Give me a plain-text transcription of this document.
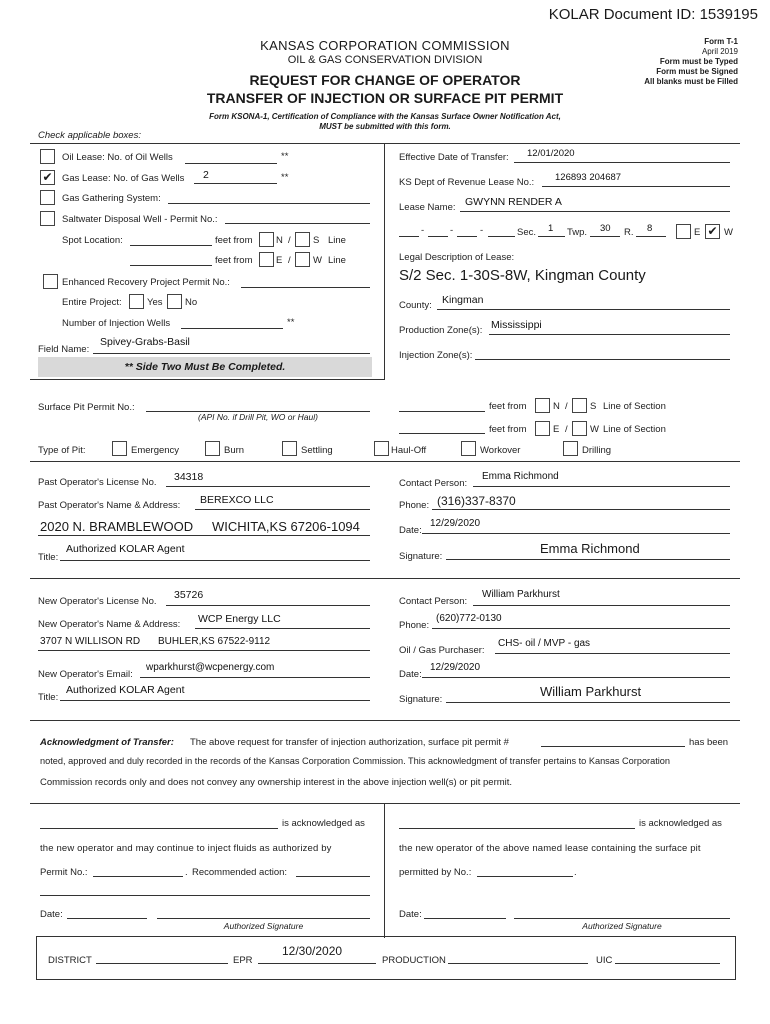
KOLAR Document ID: 1539195
KANSAS CORPORATION COMMISSION
OIL & GAS CONSERVATION DIVISION
REQUEST FOR CHANGE OF OPERATOR
TRANSFER OF INJECTION OR SURFACE PIT PERMIT
Form T-1
April 2019
Form must be Typed
Form must be Signed
All blanks must be Filled
Form KSONA-1, Certification of Compliance with the Kansas Surface Owner Notification Act,
MUST be submitted with this form.
Check applicable boxes:
Oil Lease: No. of Oil Wells	**
✔ Gas Lease: No. of Gas Wells 2	**
Gas Gathering System:
Saltwater Disposal Well - Permit No.:
Spot Location:	feet from N / S Line
feet from E / W Line
Enhanced Recovery Project Permit No.:
Entire Project:	Yes No
Number of Injection Wells	**
Field Name:
Spivey-Grabs-Basil
** Side Two Must Be Completed.
Effective Date of Transfer: 12/01/2020
KS Dept of Revenue Lease No.: 126893 204687
Lease Name: GWYNN RENDER A
-	-	-	Sec. 1 Twp. 30 R. 8	E ✔ W
Legal Description of Lease:
S/2 Sec. 1-30S-8W, Kingman County
County: Kingman
Production Zone(s): Mississippi
Injection Zone(s):
Surface Pit Permit No.:
(API No. if Drill Pit, WO or Haul)
feet from	N / S Line of Section
feet from	E / W Line of Section
Type of Pit:	Emergency	Burn	Settling	Haul-Off	Workover	Drilling
Past Operator's License No. 34318
Past Operator's Name & Address: BEREXCO LLC
2020 N. BRAMBLEWOOD WICHITA,KS 67206-1094
Title:
Authorized KOLAR Agent
Contact Person:
Emma Richmond
Phone: (316)337-8370
Date:
12/29/2020
Signature:
Emma Richmond
New Operator's License No.
35726
New Operator's Name & Address: WCP Energy LLC
3707 N WILLISON RD BUHLER,KS 67522-9112
New Operator's Email:
wparkhurst@wcpenergy.com
Title:
Authorized KOLAR Agent
Contact Person:
William Parkhurst
Phone:
(620)772-0130
Oil / Gas Purchaser:
CHS- oil / MVP - gas
Date:
12/29/2020
Signature:
William Parkhurst
Acknowledgment of Transfer: The above request for transfer of injection authorization, surface pit permit #	has been
noted, approved and duly recorded in the records of the Kansas Corporation Commission. This acknowledgment of transfer pertains to Kansas Corporation
Commission records only and does not convey any ownership interest in the above injection well(s) or pit permit.
is acknowledged as
the new operator and may continue to inject fluids as authorized by
Permit No.:	. Recommended action:
Date:
Authorized Signature
is acknowledged as
the new operator of the above named lease containing the surface pit
permitted by No.:	.
Date:
Authorized Signature
DISTRICT	EPR
12/30/2020
PRODUCTION	UIC
